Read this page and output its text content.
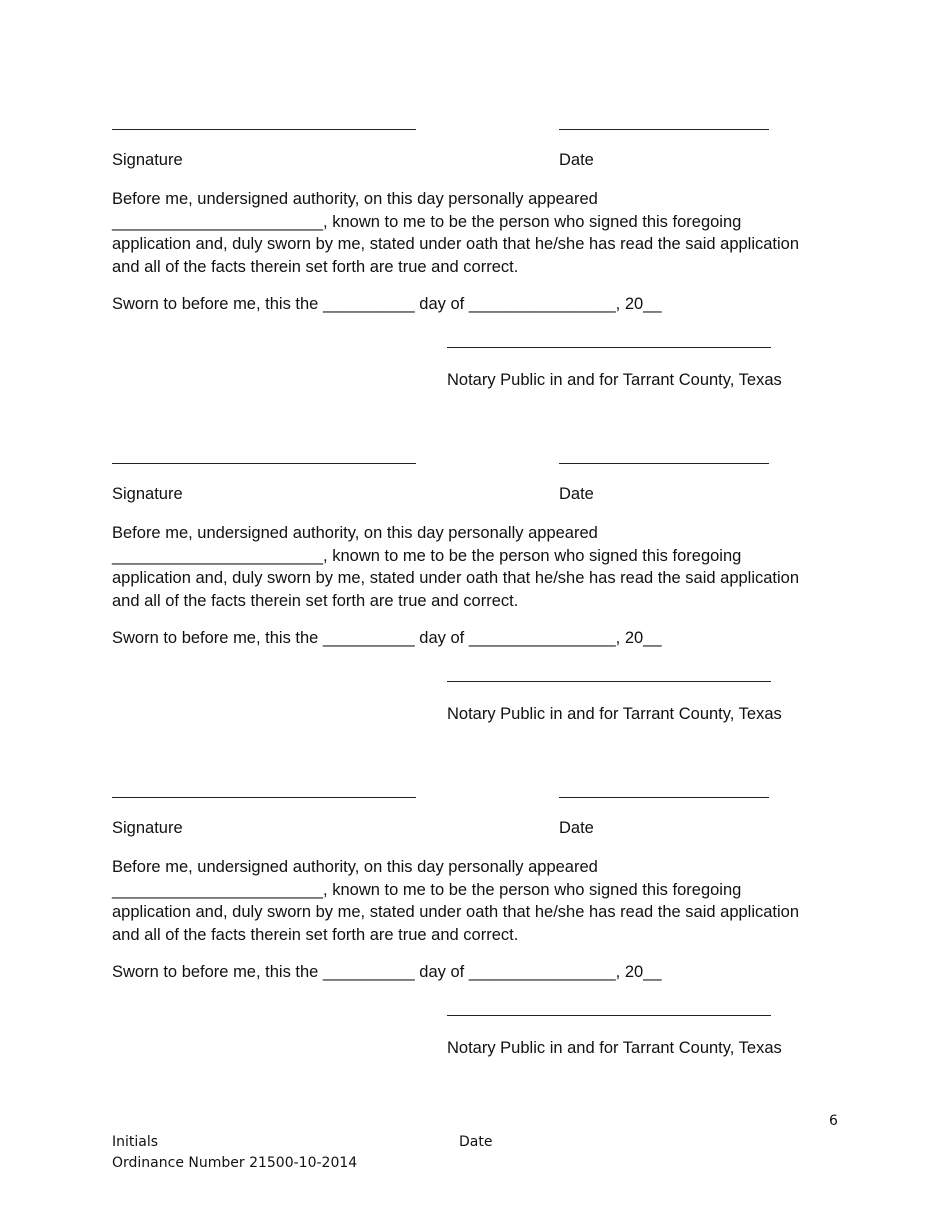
Signature	Date
Before me, undersigned authority, on this day personally appeared
_______________________, known to me to be the person who signed this foregoing
application and, duly sworn by me, stated under oath that he/she has read the said application
and all of the facts therein set forth are true and correct.
Sworn to before me, this the __________ day of ________________, 20__
Notary Public in and for Tarrant County, Texas
Signature	Date
Before me, undersigned authority, on this day personally appeared
_______________________, known to me to be the person who signed this foregoing
application and, duly sworn by me, stated under oath that he/she has read the said application
and all of the facts therein set forth are true and correct.
Sworn to before me, this the __________ day of ________________, 20__
Notary Public in and for Tarrant County, Texas
Signature	Date
Before me, undersigned authority, on this day personally appeared
_______________________, known to me to be the person who signed this foregoing
application and, duly sworn by me, stated under oath that he/she has read the said application
and all of the facts therein set forth are true and correct.
Sworn to before me, this the __________ day of ________________, 20__
Notary Public in and for Tarrant County, Texas
6
Initials	Date
Ordinance Number 21500-10-2014
